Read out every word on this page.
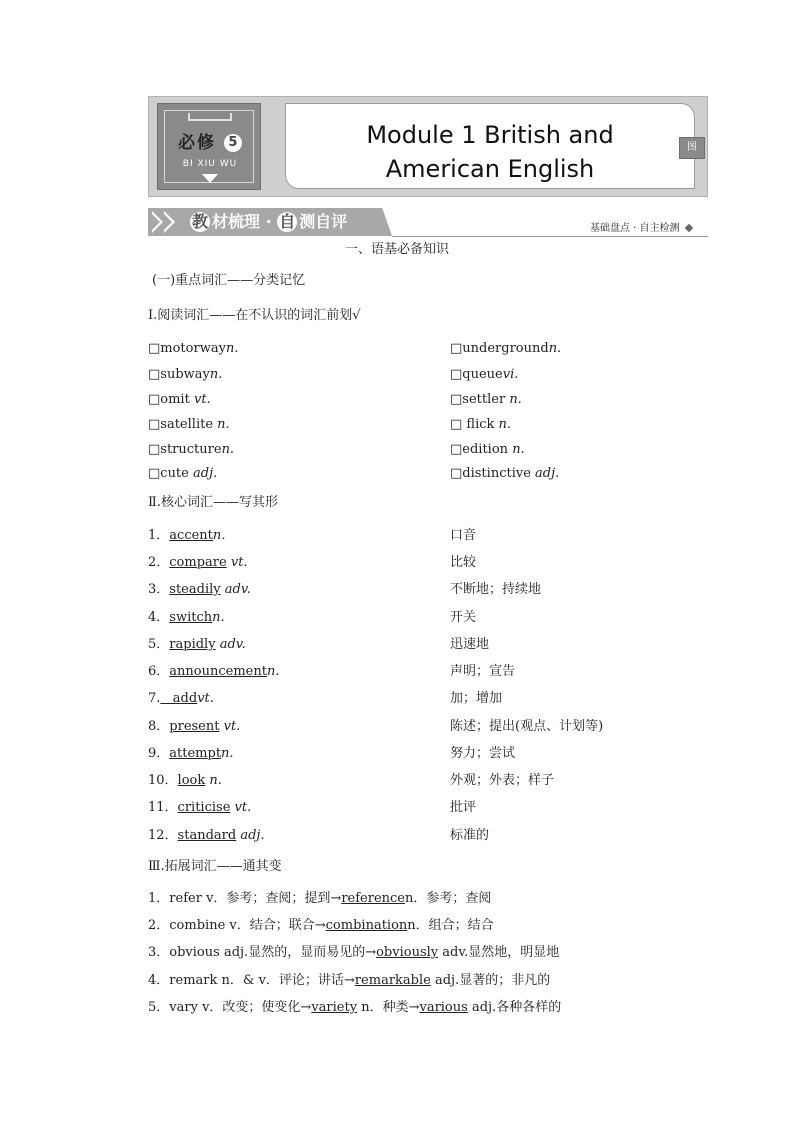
必修 5
BI XIU WU
Module 1 British and
American English
图
教 材梳理 · 自 测自评	基础盘点 · 自主检测
一、语基必备知识
(一)重点词汇——分类记忆
Ⅰ.阅读词汇——在不认识的词汇前划√
□motorwayn.	□undergroundn.
□subwayn.	□queuevi.
□omit vt.	□settler n.
□satellite n.	□ flick n.
□structuren.	□edition n.
□cute adj.	□distinctive adj.
Ⅱ.核心词汇——写其形
1．accentn．	口音
2．compare vt.	比较
3．steadily adv.	不断地；持续地
4．switchn.	开关
5．rapidly adv.	迅速地
6．announcementn.	声明；宣告
7.   addvt.	加；增加
8．present vt.	陈述；提出(观点、计划等)
9．attemptn.	努力；尝试
10．look n.	外观；外表；样子
11．criticise vt.	批评
12．standard adj.	标准的
Ⅲ.拓展词汇——通其变
1．refer v．参考；查阅；提到→referencen．参考；查阅
2．combine v．结合；联合→combinationn．组合；结合
3．obvious adj.显然的，显而易见的→obviously adv.显然地，明显地
4．remark n．& v．评论；讲话→remarkable adj.显著的；非凡的
5．vary v．改变；使变化→variety n．种类→various adj.各种各样的
